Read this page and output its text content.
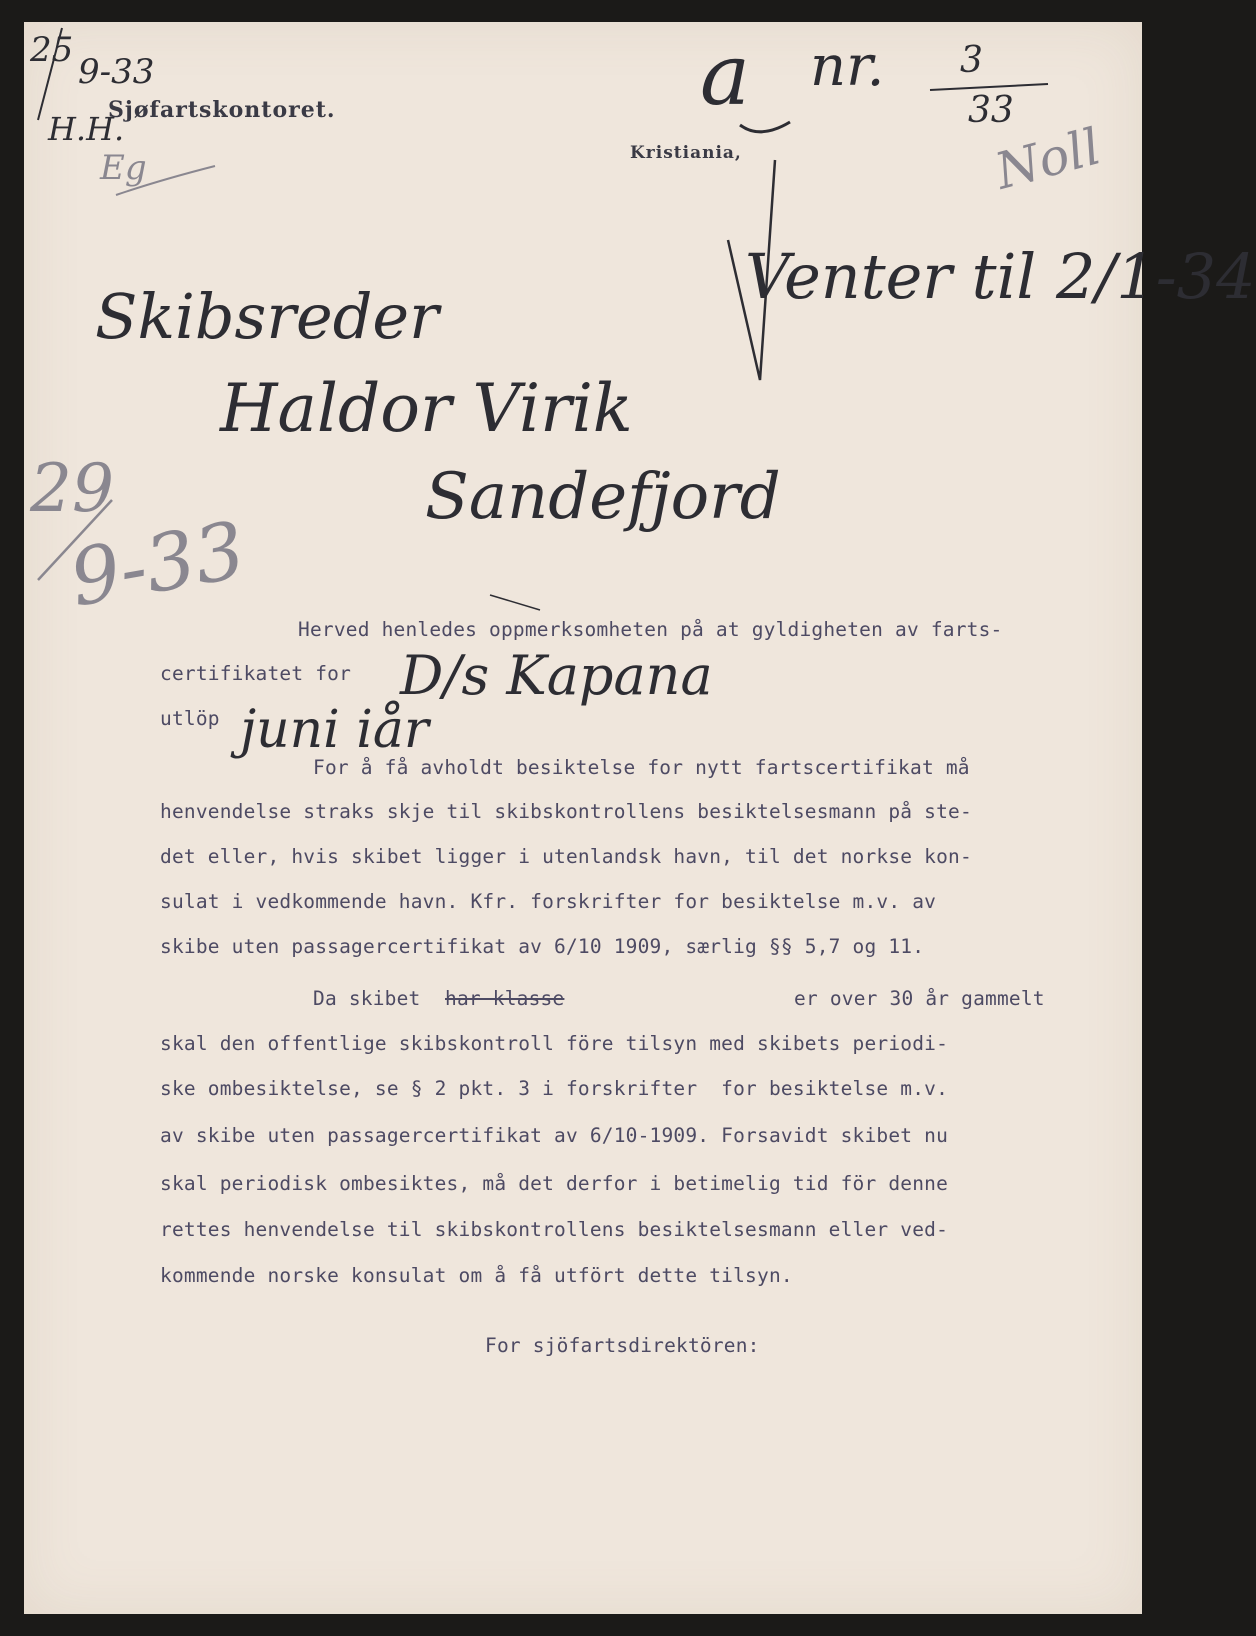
Sjøfartskontoret.
Kristiania,
25
9-33
H.H.
Eg
a nr. 3
33
Noll
Venter til 2/1-34
Skibsreder
Haldor Virik
Sandefjord
29
9-33
D/s Kapana
juni iår
Herved henledes oppmerksomheten på at gyldigheten av farts-
certifikatet for
utlöp
For å få avholdt besiktelse for nytt fartscertifikat må
henvendelse straks skje til skibskontrollens besiktelsesmann på ste-
det eller, hvis skibet ligger i utenlandsk havn, til det norkse kon-
sulat i vedkommende havn. Kfr. forskrifter for besiktelse m.v. av
skibe uten passagercertifikat av 6/10 1909, særlig §§ 5,7 og 11.
Da skibet har klasse	er over 30 år gammelt
skal den offentlige skibskontroll före tilsyn med skibets periodi-
ske ombesiktelse, se § 2 pkt. 3 i forskrifter  for besiktelse m.v.
av skibe uten passagercertifikat av 6/10-1909. Forsavidt skibet nu
skal periodisk ombesiktes, må det derfor i betimelig tid för denne
rettes henvendelse til skibskontrollens besiktelsesmann eller ved-
kommende norske konsulat om å få utfört dette tilsyn.
For sjöfartsdirektören:
